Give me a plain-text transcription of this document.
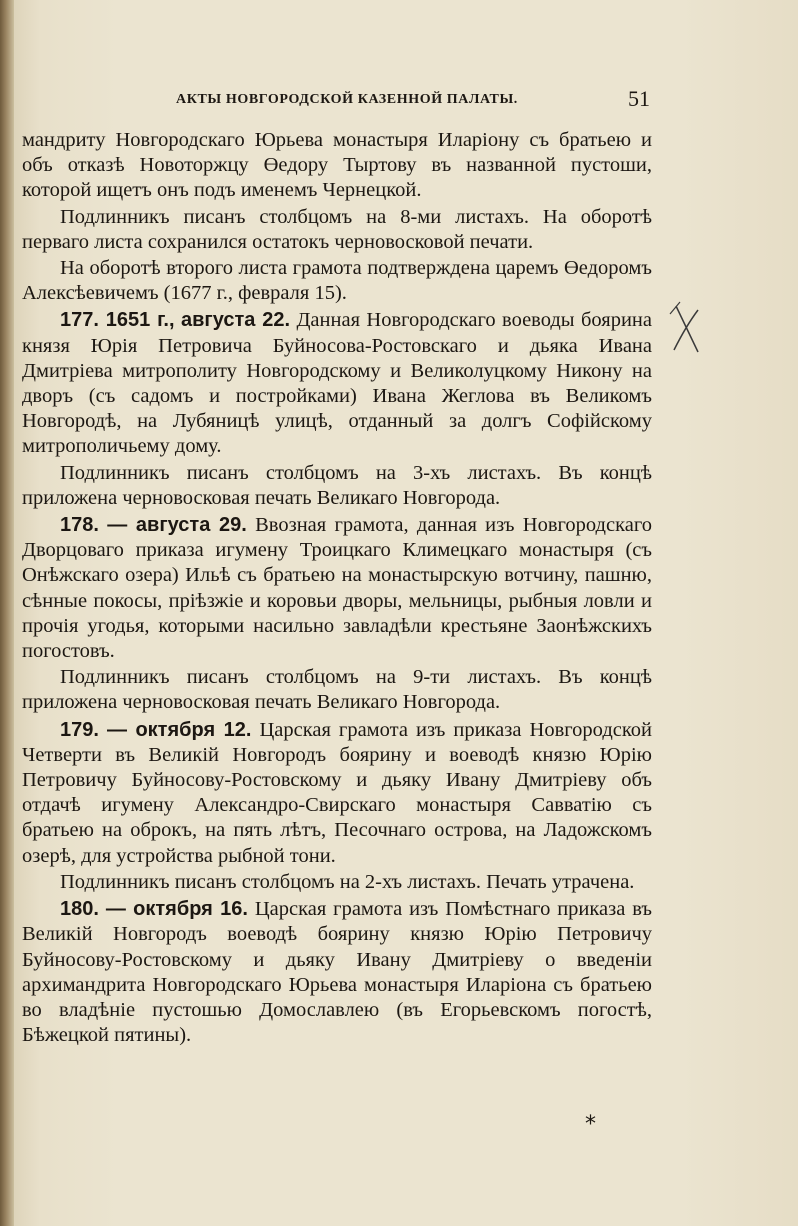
АКТЫ НОВГОРОДСКОЙ КАЗЕННОЙ ПАЛАТЫ.	51

мандриту Новгородскаго Юрьева монастыря Иларіону съ братьею и объ отказѣ Новоторжцу Өедору Тыртову въ названной пустоши, которой ищетъ онъ подъ именемъ Чернецкой.

Подлинникъ писанъ столбцомъ на 8-ми листахъ. На оборотѣ перваго листа сохранился остатокъ черновосковой печати.

На оборотѣ второго листа грамота подтверждена царемъ Өедоромъ Алексѣевичемъ (1677 г., февраля 15).

177. 1651 г., августа 22. Данная Новгородскаго воеводы боярина князя Юрія Петровича Буйносова-Ростовскаго и дьяка Ивана Дмитріева митрополиту Новгородскому и Великолуцкому Никону на дворъ (съ садомъ и постройками) Ивана Жеглова въ Великомъ Новгородѣ, на Лубяницѣ улицѣ, отданный за долгъ Софійскому митрополичьему дому.

Подлинникъ писанъ столбцомъ на 3-хъ листахъ. Въ концѣ приложена черновосковая печать Великаго Новгорода.

178. — августа 29. Ввозная грамота, данная изъ Новгородскаго Дворцоваго приказа игумену Троицкаго Климецкаго монастыря (съ Онѣжскаго озера) Ильѣ съ братьею на монастырскую вотчину, пашню, сѣнные покосы, пріѣзжіе и коровьи дворы, мельницы, рыбныя ловли и прочія угодья, которыми насильно завладѣли крестьяне Заонѣжскихъ погостовъ.

Подлинникъ писанъ столбцомъ на 9-ти листахъ. Въ концѣ приложена черновосковая печать Великаго Новгорода.

179. — октября 12. Царская грамота изъ приказа Новгородской Четверти въ Великій Новгородъ боярину и воеводѣ князю Юрію Петровичу Буйносову-Ростовскому и дьяку Ивану Дмитріеву объ отдачѣ игумену Александро-Свирскаго монастыря Савватію съ братьею на оброкъ, на пять лѣтъ, Песочнаго острова, на Ладожскомъ озерѣ, для устройства рыбной тони.

Подлинникъ писанъ столбцомъ на 2-хъ листахъ. Печать утрачена.

180. — октября 16. Царская грамота изъ Помѣстнаго приказа въ Великій Новгородъ воеводѣ боярину князю Юрію Петровичу Буйносову-Ростовскому и дьяку Ивану Дмитріеву о введеніи архимандрита Новгородскаго Юрьева монастыря Иларіона съ братьею во владѣніе пустошью Домославлею (въ Егорьевскомъ погостѣ, Бѣжецкой пятины).

*
